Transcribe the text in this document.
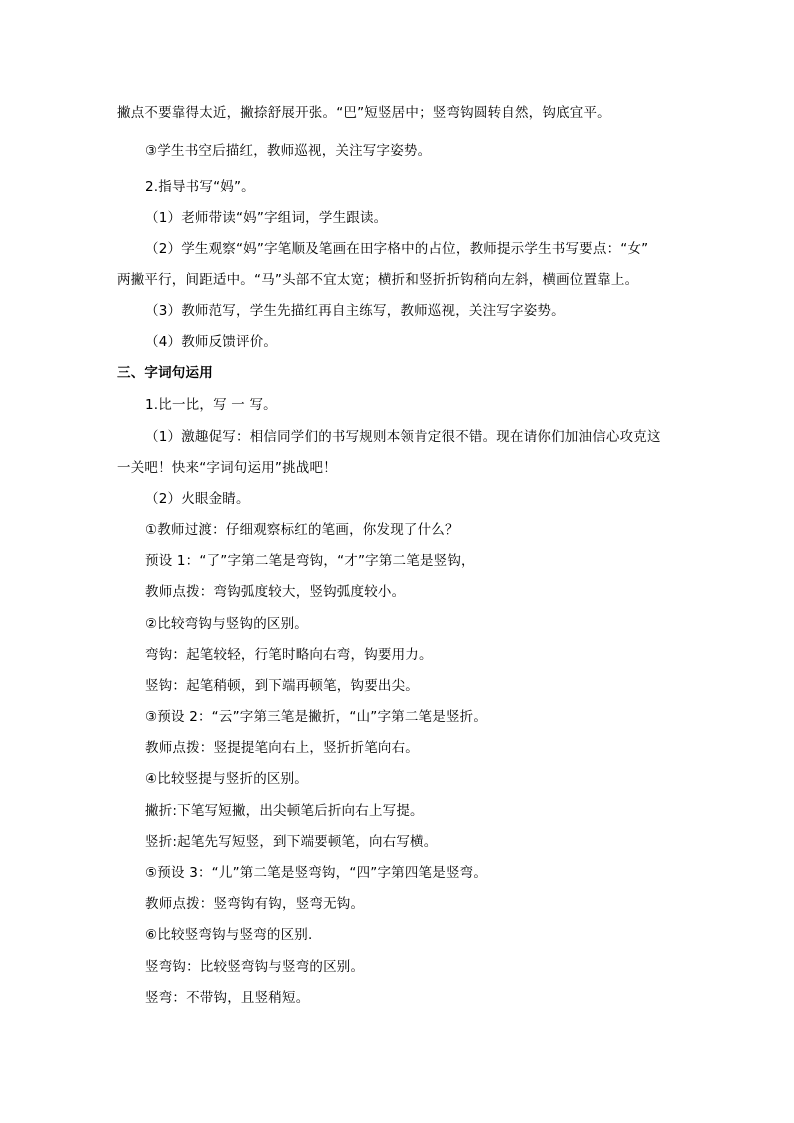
撇点不要靠得太近，撇捺舒展开张。“巴”短竖居中；竖弯钩圆转自然，钩底宜平。
③学生书空后描红，教师巡视，关注写字姿势。
2.指导书写“妈”。
（1）老师带读“妈”字组词，学生跟读。
（2）学生观察“妈”字笔顺及笔画在田字格中的占位，教师提示学生书写要点：“女”
两撇平行，间距适中。“马”头部不宜太宽；横折和竖折折钩稍向左斜，横画位置靠上。
（3）教师范写，学生先描红再自主练写，教师巡视，关注写字姿势。
（4）教师反馈评价。
三、字词句运用
1.比一比，写 一 写。
（1）激趣促写：相信同学们的书写规则本领肯定很不错。现在请你们加油信心攻克这
一关吧！快来“字词句运用”挑战吧！
（2）火眼金睛。
①教师过渡：仔细观察标红的笔画，你发现了什么？
预设 1：“了”字第二笔是弯钩，“才”字第二笔是竖钩，
教师点拨：弯钩弧度较大，竖钩弧度较小。
②比较弯钩与竖钩的区别。
弯钩：起笔较轻，行笔时略向右弯，钩要用力。
竖钩：起笔稍顿，到下端再顿笔，钩要出尖。
③预设 2：“云”字第三笔是撇折，“山”字第二笔是竖折。
教师点拨：竖提提笔向右上，竖折折笔向右。
④比较竖提与竖折的区别。
撇折:下笔写短撇，出尖顿笔后折向右上写提。
竖折:起笔先写短竖，到下端要顿笔，向右写横。
⑤预设 3：“儿”第二笔是竖弯钩，“四”字第四笔是竖弯。
教师点拨：竖弯钩有钩，竖弯无钩。
⑥比较竖弯钩与竖弯的区别.
竖弯钩：比较竖弯钩与竖弯的区别。
竖弯：不带钩，且竖稍短。
